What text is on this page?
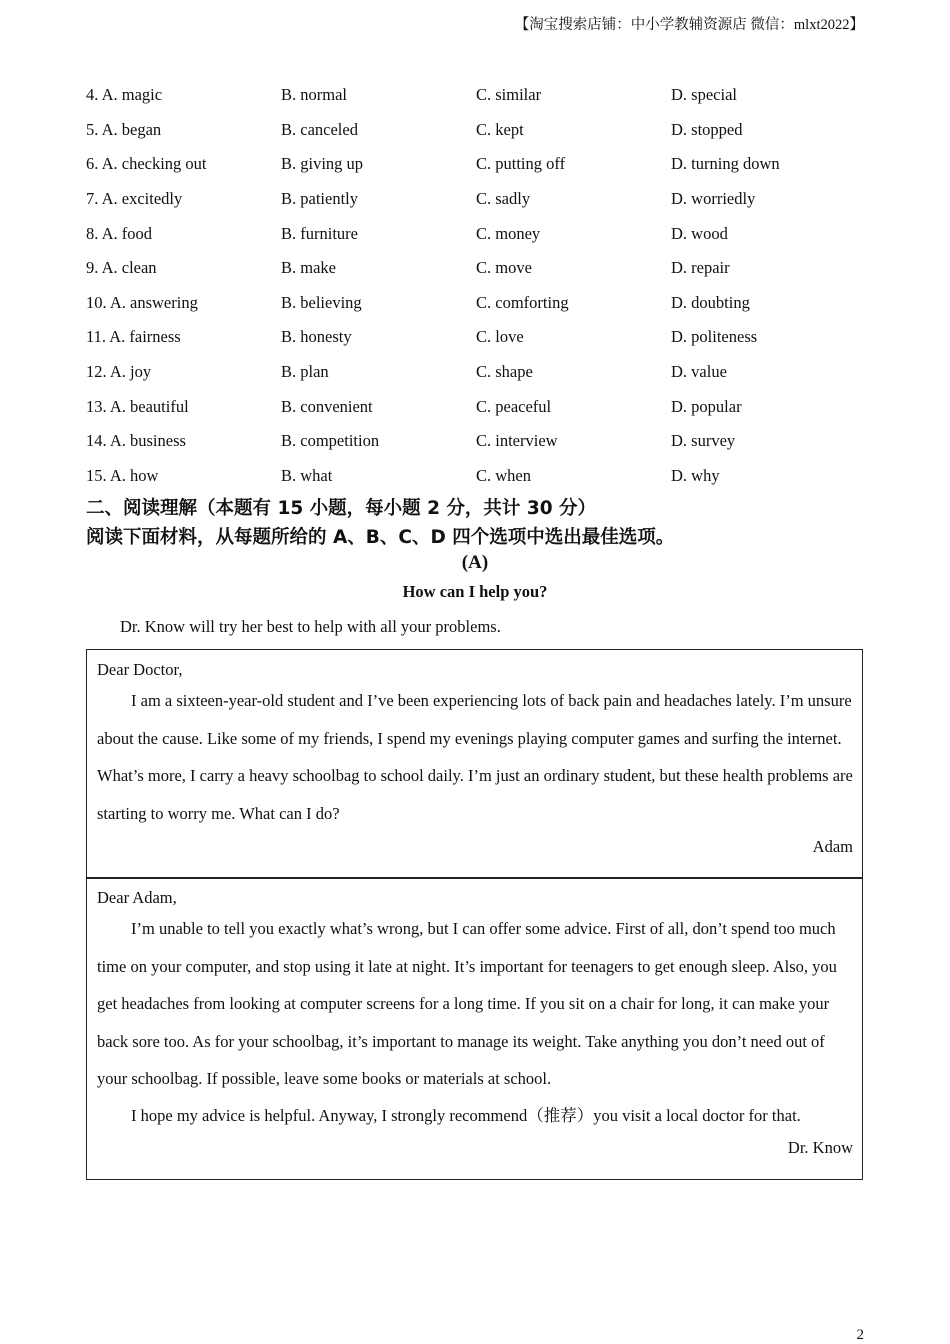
【淘宝搜索店铺：中小学教辅资源店 微信：mlxt2022】
4. A. magic	B. normal	C. similar	D. special
5. A. began	B. canceled	C. kept	D. stopped
6. A. checking out	B. giving up	C. putting off	D. turning down
7. A. excitedly	B. patiently	C. sadly	D. worriedly
8. A. food	B. furniture	C. money	D. wood
9. A. clean	B. make	C. move	D. repair
10. A. answering	B. believing	C. comforting	D. doubting
11. A. fairness	B. honesty	C. love	D. politeness
12. A. joy	B. plan	C. shape	D. value
13. A. beautiful	B. convenient	C. peaceful	D. popular
14. A. business	B. competition	C. interview	D. survey
15. A. how	B. what	C. when	D. why
二、阅读理解（本题有 15 小题，每小题 2 分，共计 30 分）
阅读下面材料，从每题所给的 A、B、C、D 四个选项中选出最佳选项。
(A)
How can I help you?
Dr. Know will try her best to help with all your problems.

Dear Doctor,

I am a sixteen-year-old student and I’ve been experiencing lots of back pain and headaches lately. I’m unsure about the cause. Like some of my friends, I spend my evenings playing computer games and surfing the internet. What’s more, I carry a heavy schoolbag to school daily. I’m just an ordinary student, but these health problems are starting to worry me. What can I do?

Adam

Dear Adam,

I’m unable to tell you exactly what’s wrong, but I can offer some advice. First of all, don’t spend too much time on your computer, and stop using it late at night. It’s important for teenagers to get enough sleep. Also, you get headaches from looking at computer screens for a long time. If you sit on a chair for long, it can make your back sore too. As for your schoolbag, it’s important to manage its weight. Take anything you don’t need out of your schoolbag. If possible, leave some books or materials at school.

I hope my advice is helpful. Anyway, I strongly recommend（推荐）you visit a local doctor for that.

Dr. Know

2
